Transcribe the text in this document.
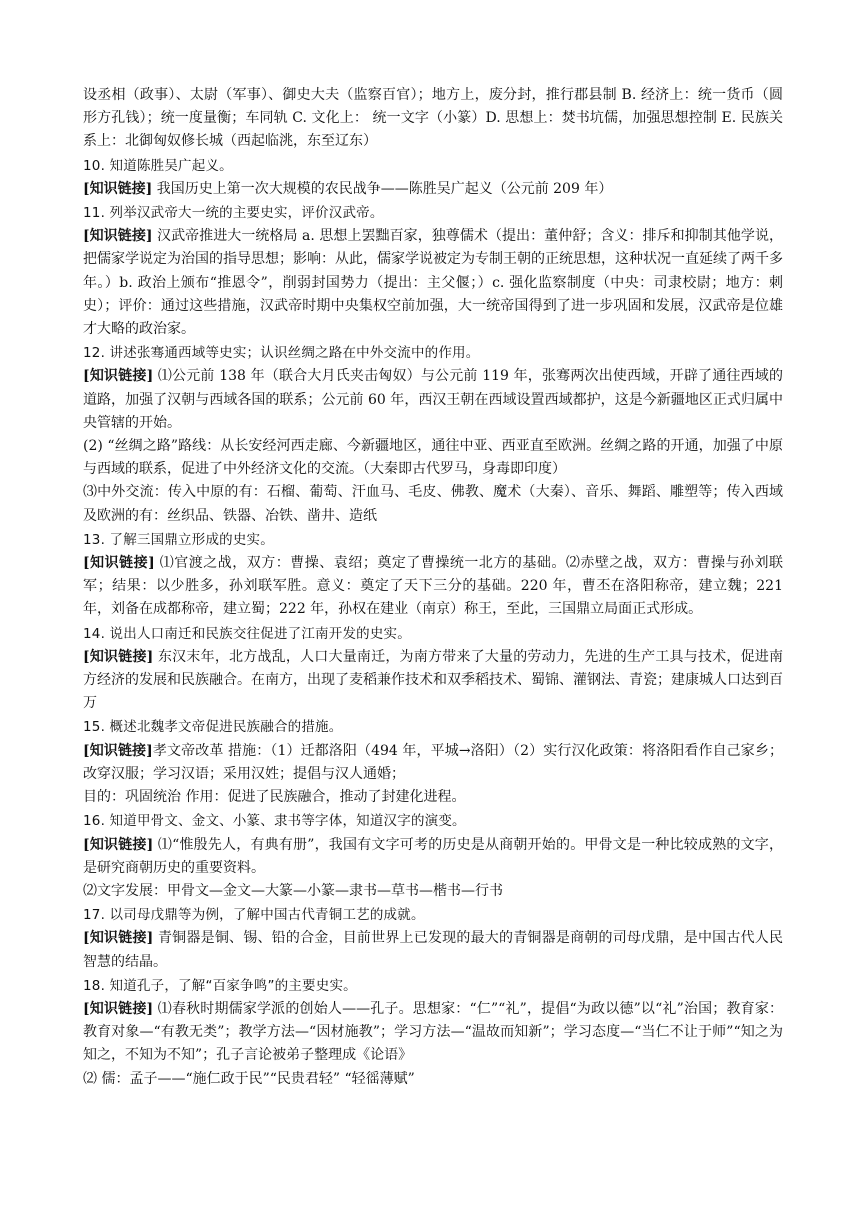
设丞相（政事）、太尉（军事）、御史大夫（监察百官）；地方上，废分封，推行郡县制 B. 经济上：统一货币（圆形方孔钱）；统一度量衡；车同轨 C. 文化上： 统一文字（小篆）D. 思想上：焚书坑儒，加强思想控制 E. 民族关系上：北御匈奴修长城（西起临洮，东至辽东）

10. 知道陈胜吴广起义。

[知识链接] 我国历史上第一次大规模的农民战争——陈胜吴广起义（公元前 209 年）

11. 列举汉武帝大一统的主要史实，评价汉武帝。

[知识链接] 汉武帝推进大一统格局 a. 思想上罢黜百家，独尊儒术（提出：董仲舒；含义：排斥和抑制其他学说，把儒家学说定为治国的指导思想；影响：从此，儒家学说被定为专制王朝的正统思想，这种状况一直延续了两千多年。）b. 政治上颁布“推恩令”，削弱封国势力（提出：主父偃；）c. 强化监察制度（中央：司隶校尉；地方：刺史）；评价：通过这些措施，汉武帝时期中央集权空前加强，大一统帝国得到了进一步巩固和发展，汉武帝是位雄才大略的政治家。

12. 讲述张骞通西域等史实；认识丝绸之路在中外交流中的作用。

[知识链接] ⑴公元前 138 年（联合大月氏夹击匈奴）与公元前 119 年，张骞两次出使西域，开辟了通往西域的道路，加强了汉朝与西域各国的联系；公元前 60 年，西汉王朝在西域设置西域都护，这是今新疆地区正式归属中央管辖的开始。

(2) “丝绸之路”路线：从长安经河西走廊、今新疆地区，通往中亚、西亚直至欧洲。丝绸之路的开通，加强了中原与西域的联系，促进了中外经济文化的交流。（大秦即古代罗马，身毒即印度）

⑶中外交流：传入中原的有：石榴、葡萄、汗血马、毛皮、佛教、魔术（大秦）、音乐、舞蹈、雕塑等；传入西域及欧洲的有：丝织品、铁器、冶铁、凿井、造纸

13. 了解三国鼎立形成的史实。

[知识链接] ⑴官渡之战，双方：曹操、袁绍；奠定了曹操统一北方的基础。⑵赤壁之战，双方：曹操与孙刘联军；结果：以少胜多，孙刘联军胜。意义：奠定了天下三分的基础。220 年，曹丕在洛阳称帝，建立魏；221 年，刘备在成都称帝，建立蜀；222 年，孙权在建业（南京）称王，至此，三国鼎立局面正式形成。

14. 说出人口南迁和民族交往促进了江南开发的史实。

[知识链接] 东汉末年，北方战乱，人口大量南迁，为南方带来了大量的劳动力，先进的生产工具与技术，促进南方经济的发展和民族融合。在南方，出现了麦稻兼作技术和双季稻技术、蜀锦、灌钢法、青瓷；建康城人口达到百万

15. 概述北魏孝文帝促进民族融合的措施。

[知识链接]孝文帝改革 措施：（1）迁都洛阳（494 年，平城→洛阳）（2）实行汉化政策：将洛阳看作自己家乡；改穿汉服；学习汉语；采用汉姓；提倡与汉人通婚；

目的：巩固统治 作用：促进了民族融合，推动了封建化进程。

16. 知道甲骨文、金文、小篆、隶书等字体，知道汉字的演变。

[知识链接] ⑴“惟殷先人，有典有册”，我国有文字可考的历史是从商朝开始的。甲骨文是一种比较成熟的文字，是研究商朝历史的重要资料。

⑵文字发展：甲骨文—金文—大篆—小篆—隶书—草书—楷书—行书

17. 以司母戊鼎等为例，了解中国古代青铜工艺的成就。

[知识链接] 青铜器是铜、锡、铅的合金，目前世界上已发现的最大的青铜器是商朝的司母戊鼎，是中国古代人民智慧的结晶。

18. 知道孔子，了解“百家争鸣”的主要史实。

[知识链接] ⑴春秋时期儒家学派的创始人——孔子。思想家：“仁”“礼”，提倡“为政以德”以“礼”治国；教育家：教育对象—“有教无类”；教学方法—“因材施教”；学习方法—“温故而知新”；学习态度—“当仁不让于师”“知之为知之，不知为不知”；孔子言论被弟子整理成《论语》

⑵ 儒：孟子——“施仁政于民”“民贵君轻” “轻徭薄赋”
